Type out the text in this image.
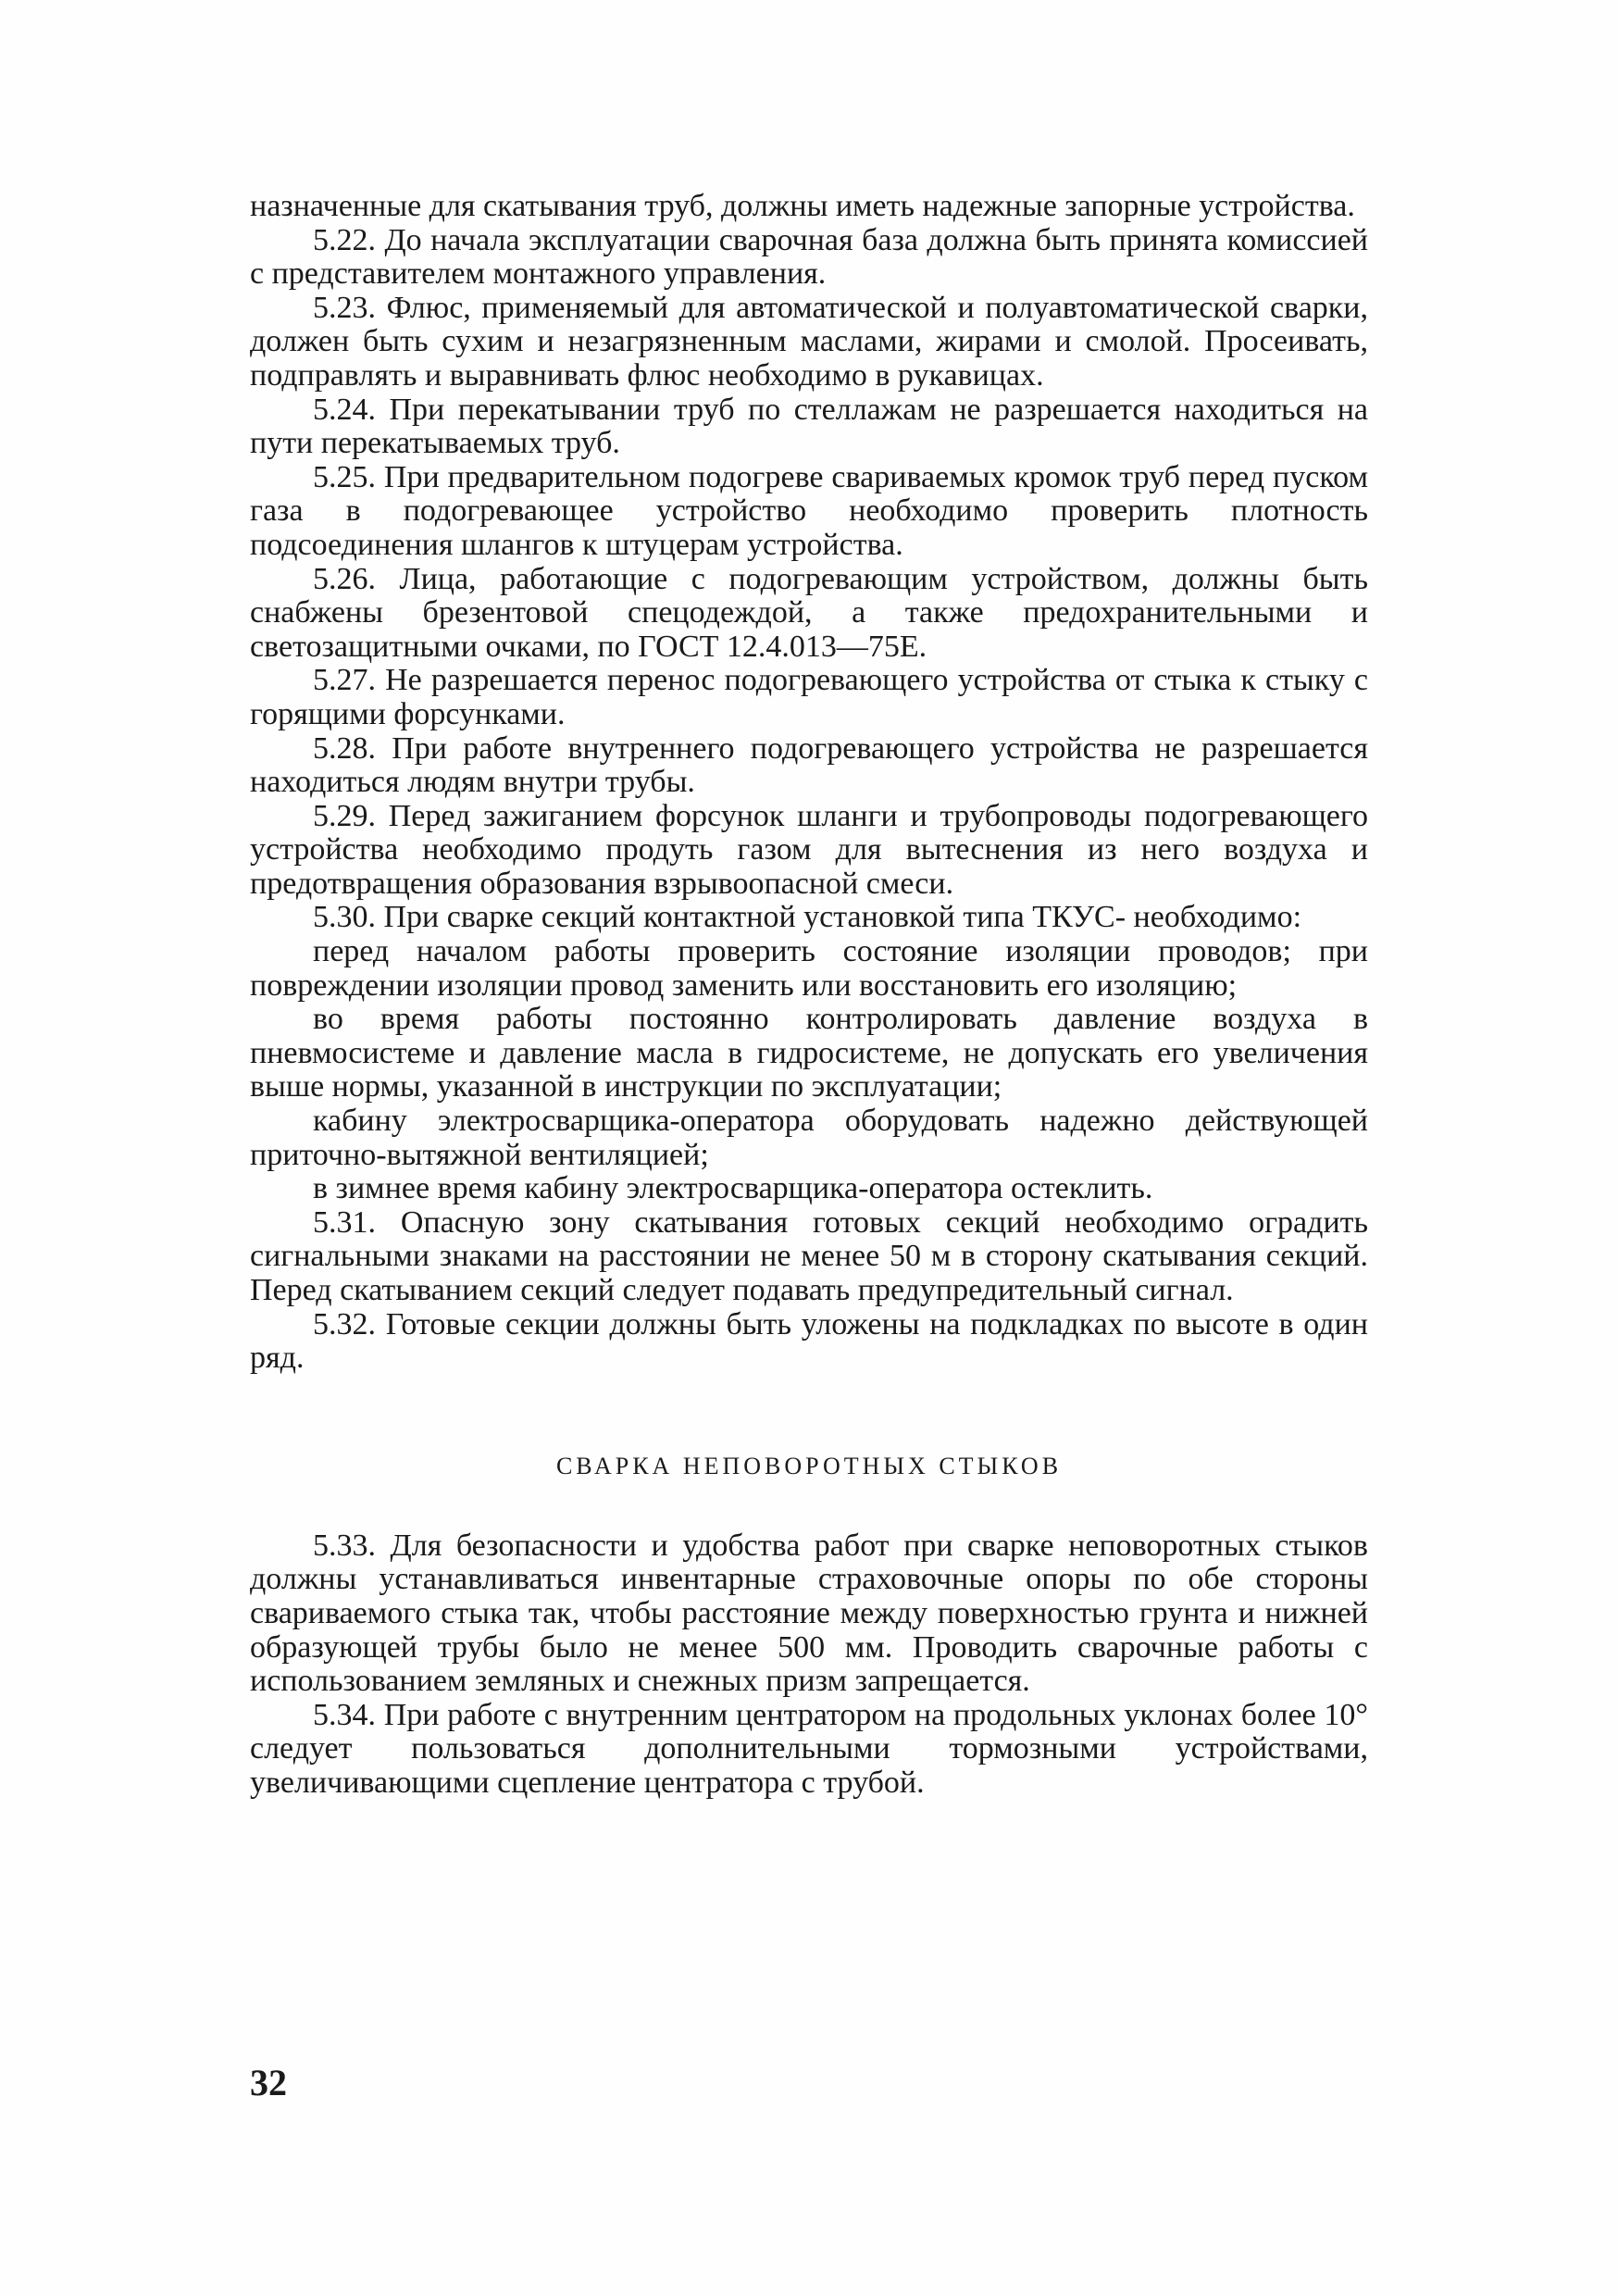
назначенные для скатывания труб, должны иметь надежные запорные устройства.

5.22. До начала эксплуатации сварочная база должна быть принята комиссией с представителем монтажного управления.

5.23. Флюс, применяемый для автоматической и полуавтоматической сварки, должен быть сухим и незагрязненным маслами, жирами и смолой. Просеивать, подправлять и выравнивать флюс необходимо в рукавицах.

5.24. При перекатывании труб по стеллажам не разрешается находиться на пути перекатываемых труб.

5.25. При предварительном подогреве свариваемых кромок труб перед пуском газа в подогревающее устройство необходимо проверить плотность подсоединения шлангов к штуцерам устройства.

5.26. Лица, работающие с подогревающим устройством, должны быть снабжены брезентовой спецодеждой, а также предохранительными и светозащитными очками, по ГОСТ 12.4.013—75Е.

5.27. Не разрешается перенос подогревающего устройства от стыка к стыку с горящими форсунками.

5.28. При работе внутреннего подогревающего устройства не разрешается находиться людям внутри трубы.

5.29. Перед зажиганием форсунок шланги и трубопроводы подогревающего устройства необходимо продуть газом для вытеснения из него воздуха и предотвращения образования взрывоопасной смеси.

5.30. При сварке секций контактной установкой типа ТКУС- необходимо:

перед началом работы проверить состояние изоляции проводов; при повреждении изоляции провод заменить или восстановить его изоляцию;

во время работы постоянно контролировать давление воздуха в пневмосистеме и давление масла в гидросистеме, не допускать его увеличения выше нормы, указанной в инструкции по эксплуатации;

кабину электросварщика-оператора оборудовать надежно действующей приточно-вытяжной вентиляцией;

в зимнее время кабину электросварщика-оператора остеклить.

5.31. Опасную зону скатывания готовых секций необходимо оградить сигнальными знаками на расстоянии не менее 50 м в сторону скатывания секций. Перед скатыванием секций следует подавать предупредительный сигнал.

5.32. Готовые секции должны быть уложены на подкладках по высоте в один ряд.

СВАРКА НЕПОВОРОТНЫХ СТЫКОВ

5.33. Для безопасности и удобства работ при сварке неповоротных стыков должны устанавливаться инвентарные страховочные опоры по обе стороны свариваемого стыка так, чтобы расстояние между поверхностью грунта и нижней образующей трубы было не менее 500 мм. Проводить сварочные работы с использованием земляных и снежных призм запрещается.

5.34. При работе с внутренним центратором на продольных уклонах более 10° следует пользоваться дополнительными тормозными устройствами, увеличивающими сцепление центратора с трубой.

32
